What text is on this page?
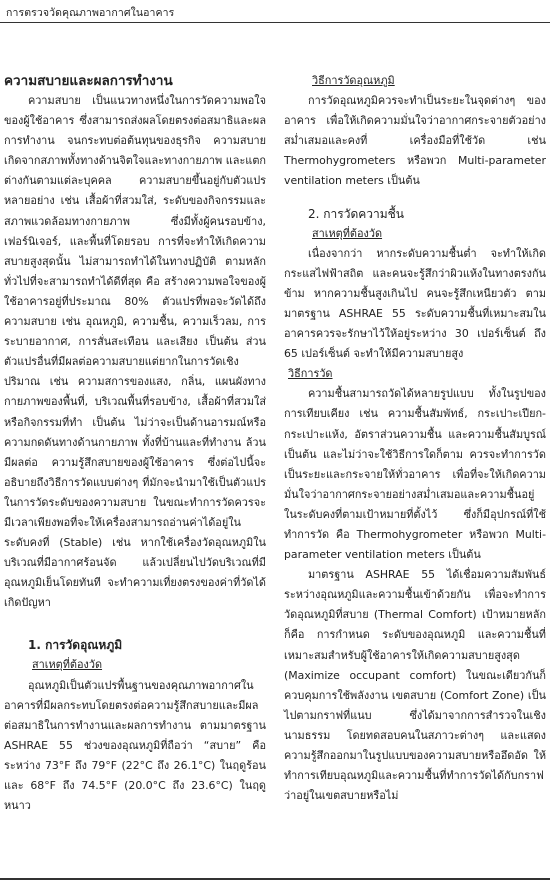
การตรวจวัดคุณภาพอากาศในอาคาร
ความสบายและผลการทำงาน

ความสบาย เป็นแนวทางหนึ่งในการวัดความพอใจของผู้ใช้อาคาร ซึ่งสามารถส่งผลโดยตรงต่อสมาธิและผลการทำงาน จนกระทบต่อต้นทุนของธุรกิจ ความสบาย เกิดจากสภาพทั้งทางด้านจิตใจและทางกายภาพ และแตกต่างกันตามแต่ละบุคคล ความสบายขึ้นอยู่กับตัวแปรหลายอย่าง เช่น เสื้อผ้าที่สวมใส่, ระดับของกิจกรรมและสภาพแวดล้อมทางกายภาพ ซึ่งมีทั้งผู้คนรอบข้าง, เฟอร์นิเจอร์, และพื้นที่โดยรอบ การที่จะทำให้เกิดความสบายสูงสุดนั้น ไม่สามารถทำได้ในทางปฏิบัติ ตามหลักทั่วไปที่จะสามารถทำได้ดีที่สุด คือ สร้างความพอใจของผู้ใช้อาคารอยู่ที่ประมาณ 80% ตัวแปรที่พอจะวัดได้ถึงความสบาย เช่น อุณหภูมิ, ความชื้น, ความเร็วลม, การระบายอากาศ, การสั่นสะเทือน และเสียง เป็นต้น ส่วนตัวแปรอื่นที่มีผลต่อความสบายแต่ยากในการวัดเชิงปริมาณ เช่น ความสการของแสง, กลิ่น, แผนผังทางกายภาพของพื้นที่, บริเวณพื้นที่รอบข้าง, เสื้อผ้าที่สวมใส่ หรือกิจกรรมที่ทำ เป็นต้น ไม่ว่าจะเป็นด้านอารมณ์หรือความกดดันทางด้านกายภาพ ทั้งที่บ้านและที่ทำงาน ล้วนมีผลต่อ ความรู้สึกสบายของผู้ใช้อาคาร ซึ่งต่อไปนี้จะอธิบายถึงวิธีการวัดแบบต่างๆ ที่มักจะนำมาใช้เป็นตัวแปรในการวัดระดับของความสบาย ในขณะทำการวัดควรจะมีเวลาเพียงพอที่จะให้เครื่องสามารถอ่านค่าได้อยู่ในระดับคงที่ (Stable) เช่น หากใช้เครื่องวัดอุณหภูมิในบริเวณที่มีอากาศร้อนจัด แล้วเปลี่ยนไปวัดบริเวณที่มีอุณหภูมิเย็นโดยทันที จะทำความเที่ยงตรงของค่าที่วัดได้เกิดปัญหา

1. การวัดอุณหภูมิ

สาเหตุที่ต้องวัด

อุณหภูมิเป็นตัวแปรพื้นฐานของคุณภาพอากาศในอาคารที่มีผลกระทบโดยตรงต่อความรู้สึกสบายและมีผลต่อสมาธิในการทำงานและผลการทำงาน ตามมาตรฐาน ASHRAE 55 ช่วงของอุณหภูมิที่ถือว่า “สบาย” คือ ระหว่าง 73°F ถึง 79°F (22°C ถึง 26.1°C) ในฤดูร้อน และ 68°F ถึง 74.5°F (20.0°C ถึง 23.6°C) ในฤดูหนาว

วิธีการวัดอุณหภูมิ

การวัดอุณหภูมิควรจะทำเป็นระยะในจุดต่างๆ ของอาคาร เพื่อให้เกิดความมั่นใจว่าอากาศกระจายตัวอย่างสม่ำเสมอและคงที่ เครื่องมือที่ใช้วัด เช่น Thermohygrometers หรือพวก Multi-parameter ventilation meters เป็นต้น

2. การวัดความชื้น

สาเหตุที่ต้องวัด

เนื่องจากว่า หากระดับความชื้นต่ำ จะทำให้เกิดกระแสไฟฟ้าสถิต และคนจะรู้สึกว่าผิวแห้งในทางตรงกันข้าม หากความชื้นสูงเกินไป คนจะรู้สึกเหนียวตัว ตามมาตรฐาน ASHRAE 55 ระดับความชื้นที่เหมาะสมในอาคารควรจะรักษาไว้ให้อยู่ระหว่าง 30 เปอร์เซ็นต์ ถึง 65 เปอร์เซ็นต์ จะทำให้มีความสบายสูง

วิธีการวัด

ความชื้นสามารถวัดได้หลายรูปแบบ ทั้งในรูปของการเทียบเคียง เช่น ความชื้นสัมพัทธ์, กระเปาะเปียก-กระเปาะแห้ง, อัตราส่วนความชื้น และความชื้นสัมบูรณ์ เป็นต้น และไม่ว่าจะใช้วิธีการใดก็ตาม ควรจะทำการวัดเป็นระยะและกระจายให้ทั่วอาคาร เพื่อที่จะให้เกิดความมั่นใจว่าอากาศกระจายอย่างสม่ำเสมอและความชื้นอยู่ในระดับคงที่ตามเป้าหมายที่ตั้งไว้ ซึ่งก็มีอุปกรณ์ที่ใช้ทำการวัด คือ Thermohygrometer หรือพวก Multi-parameter ventilation meters เป็นต้น

มาตรฐาน ASHRAE 55 ได้เชื่อมความสัมพันธ์ระหว่างอุณหภูมิและความชื้นเข้าด้วยกัน เพื่อจะทำการวัดอุณหภูมิที่สบาย (Thermal Comfort) เป้าหมายหลักก็คือ การกำหนด ระดับของอุณหภูมิ และความชื้นที่เหมาะสมสำหรับผู้ใช้อาคารให้เกิดความสบายสูงสุด (Maximize occupant comfort) ในขณะเดียวกันก็ควบคุมการใช้พลังงาน เขตสบาย (Comfort Zone) เป็นไปตามกราฟที่แนบ ซึ่งได้มาจากการสำรวจในเชิงนามธรรม โดยทดสอบคนในสภาวะต่างๆ และแสดงความรู้สึกออกมาในรูปแบบของความสบายหรืออึดอัด ให้ทำการเทียบอุณหภูมิและความชื้นที่ทำการวัดได้กับกราฟ ว่าอยู่ในเขตสบายหรือไม่
